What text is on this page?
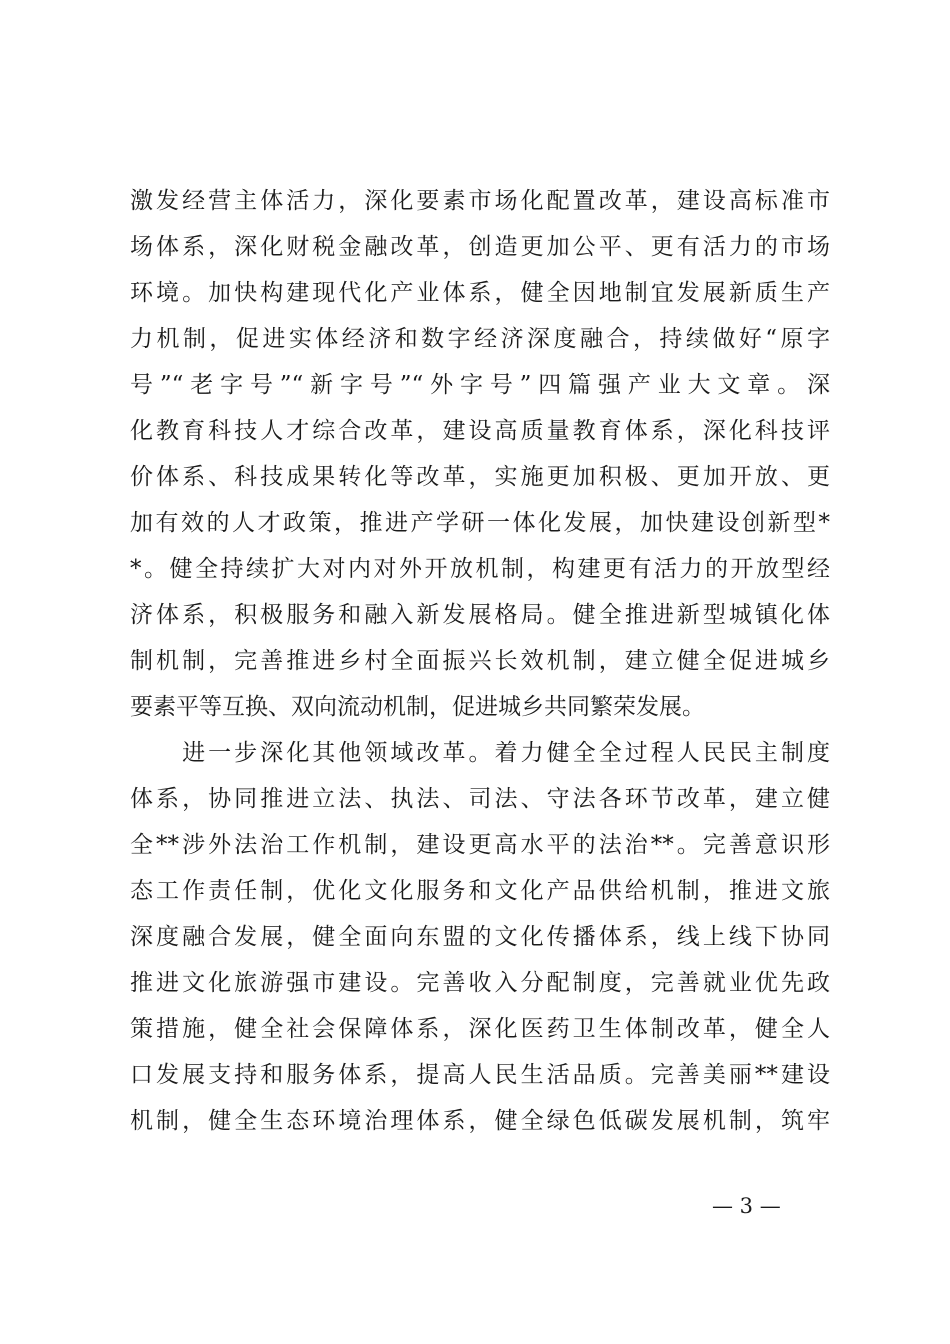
激发经营主体活力，深化要素市场化配置改革，建设高标准市
场体系，深化财税金融改革，创造更加公平、更有活力的市场
环境。加快构建现代化产业体系，健全因地制宜发展新质生产
力机制，促进实体经济和数字经济深度融合，持续做好“原字
号”“老字号”“新字号”“外字号”四篇强产业大文章。深
化教育科技人才综合改革，建设高质量教育体系，深化科技评
价体系、科技成果转化等改革，实施更加积极、更加开放、更
加有效的人才政策，推进产学研一体化发展，加快建设创新型*
*。健全持续扩大对内对外开放机制，构建更有活力的开放型经
济体系，积极服务和融入新发展格局。健全推进新型城镇化体
制机制，完善推进乡村全面振兴长效机制，建立健全促进城乡
要素平等互换、双向流动机制，促进城乡共同繁荣发展。
　　进一步深化其他领域改革。着力健全全过程人民民主制度
体系，协同推进立法、执法、司法、守法各环节改革，建立健
全**涉外法治工作机制，建设更高水平的法治**。完善意识形
态工作责任制，优化文化服务和文化产品供给机制，推进文旅
深度融合发展，健全面向东盟的文化传播体系，线上线下协同
推进文化旅游强市建设。完善收入分配制度，完善就业优先政
策措施，健全社会保障体系，深化医药卫生体制改革，健全人
口发展支持和服务体系，提高人民生活品质。完善美丽**建设
机制，健全生态环境治理体系，健全绿色低碳发展机制，筑牢
— 3 —
